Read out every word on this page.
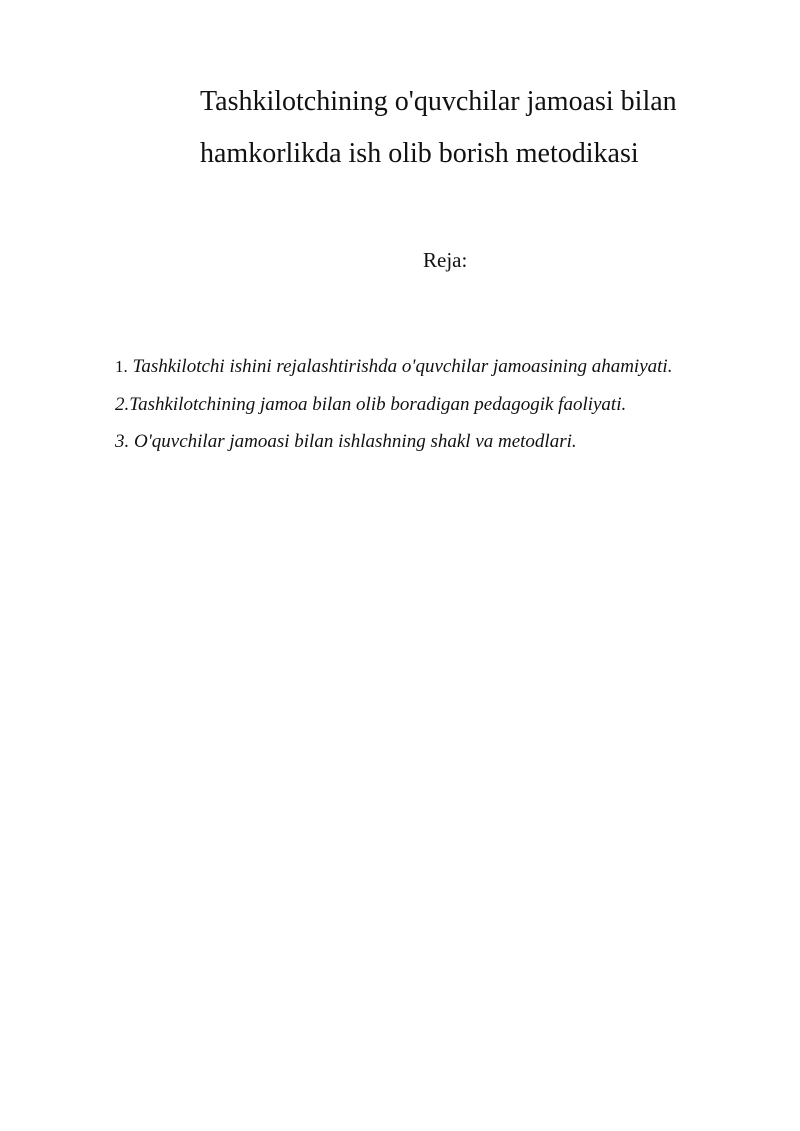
Tashkilotchining o'quvchilar jamoasi bilan
hamkorlikda ish olib borish metodikasi
Reja:
1. Tashkilotchi ishini rejalashtirishda o'quvchilar jamoasining ahamiyati.
2.Tashkilotchining jamoa bilan olib boradigan pedagogik faoliyati.
3. O'quvchilar jamoasi bilan ishlashning shakl va metodlari.
